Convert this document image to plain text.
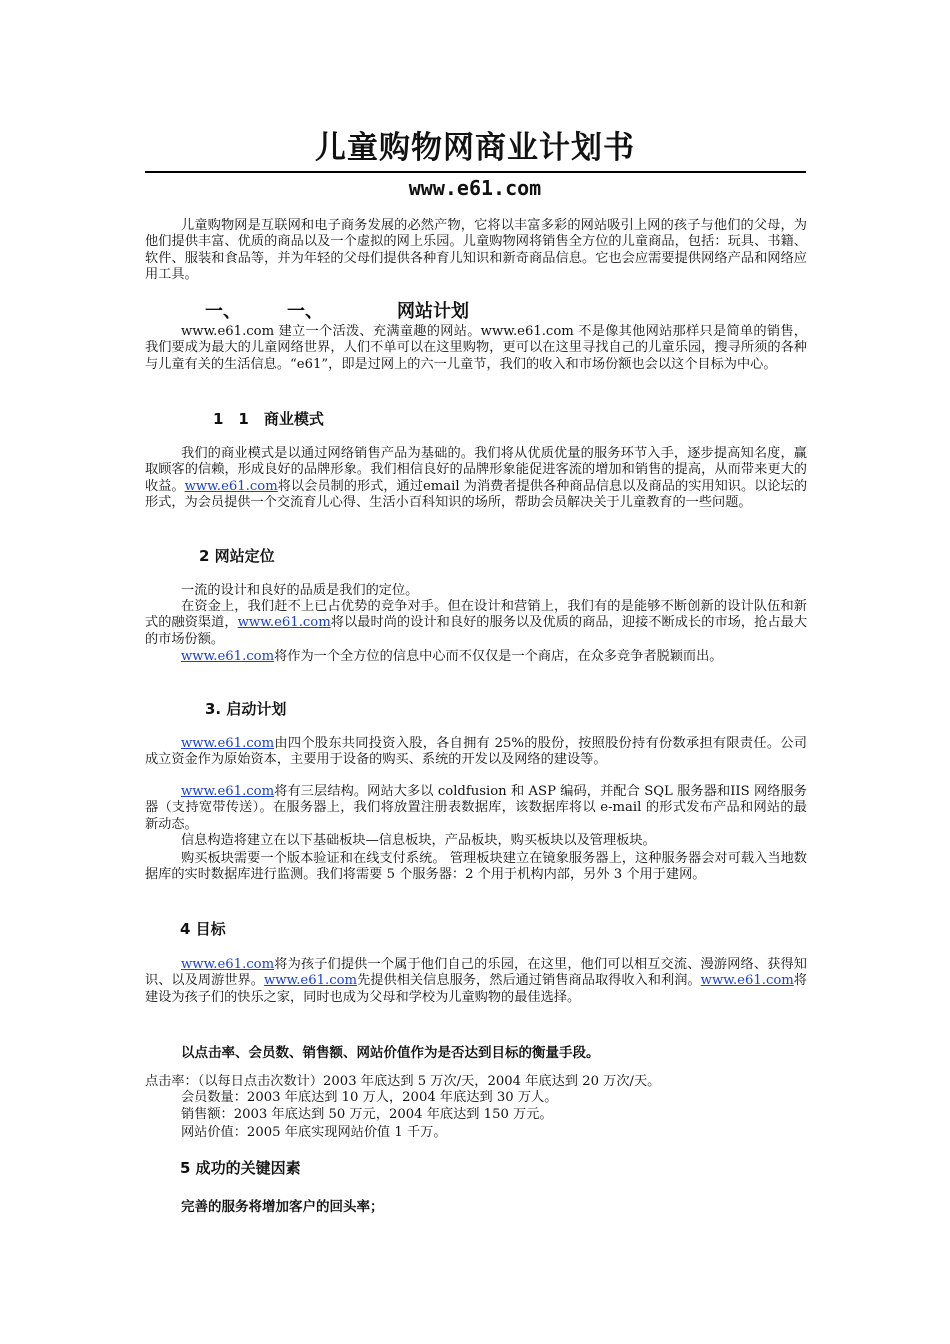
儿童购物网商业计划书
www.e61.com

儿童购物网是互联网和电子商务发展的必然产物，它将以丰富多彩的网站吸引上网的孩子与他们的父母，为他们提供丰富、优质的商品以及一个虚拟的网上乐园。儿童购物网将销售全方位的儿童商品，包括：玩具、书籍、软件、服装和食品等，并为年轻的父母们提供各种育儿知识和新奇商品信息。它也会应需要提供网络产品和网络应用工具。

一、	一、	网站计划

www.e61.com 建立一个活泼、充满童趣的网站。www.e61.com 不是像其他网站那样只是简单的销售，我们要成为最大的儿童网络世界，人们不单可以在这里购物，更可以在这里寻找自己的儿童乐园，搜寻所须的各种与儿童有关的生活信息。“e61”，即是过网上的六一儿童节，我们的收入和市场份额也会以这个目标为中心。

1　1　商业模式

我们的商业模式是以通过网络销售产品为基础的。我们将从优质优量的服务环节入手，逐步提高知名度，赢取顾客的信赖，形成良好的品牌形象。我们相信良好的品牌形象能促进客流的增加和销售的提高，从而带来更大的收益。www.e61.com将以会员制的形式，通过email 为消费者提供各种商品信息以及商品的实用知识。以论坛的形式，为会员提供一个交流育儿心得、生活小百科知识的场所，帮助会员解决关于儿童教育的一些问题。

2 网站定位

一流的设计和良好的品质是我们的定位。

在资金上，我们赶不上已占优势的竞争对手。但在设计和营销上，我们有的是能够不断创新的设计队伍和新式的融资渠道，www.e61.com将以最时尚的设计和良好的服务以及优质的商品，迎接不断成长的市场，抢占最大的市场份额。

www.e61.com将作为一个全方位的信息中心而不仅仅是一个商店，在众多竞争者脱颖而出。

3. 启动计划

www.e61.com由四个股东共同投资入股，各自拥有 25%的股份，按照股份持有份数承担有限责任。公司成立资金作为原始资本，主要用于设备的购买、系统的开发以及网络的建设等。

www.e61.com将有三层结构。网站大多以 coldfusion 和 ASP 编码，并配合 SQL 服务器和IIS 网络服务器（支持宽带传送）。在服务器上，我们将放置注册表数据库，该数据库将以 e-mail 的形式发布产品和网站的最新动态。

信息构造将建立在以下基础板块—信息板块，产品板块，购买板块以及管理板块。

购买板块需要一个版本验证和在线支付系统。 管理板块建立在镜象服务器上，这种服务器会对可载入当地数据库的实时数据库进行监测。我们将需要 5 个服务器：2 个用于机构内部，另外 3 个用于建网。

4 目标

www.e61.com将为孩子们提供一个属于他们自己的乐园，在这里，他们可以相互交流、漫游网络、获得知识、以及周游世界。www.e61.com先提供相关信息服务，然后通过销售商品取得收入和利润。www.e61.com将建设为孩子们的快乐之家，同时也成为父母和学校为儿童购物的最佳选择。

以点击率、会员数、销售额、网站价值作为是否达到目标的衡量手段。
点击率：（以每日点击次数计）2003 年底达到 5 万次/天，2004 年底达到 20 万次/天。
会员数量：2003 年底达到 10 万人，2004 年底达到 30 万人。
销售额：2003 年底达到 50 万元，2004 年底达到 150 万元。
网站价值：2005 年底实现网站价值 1 千万。
5 成功的关键因素
完善的服务将增加客户的回头率；
